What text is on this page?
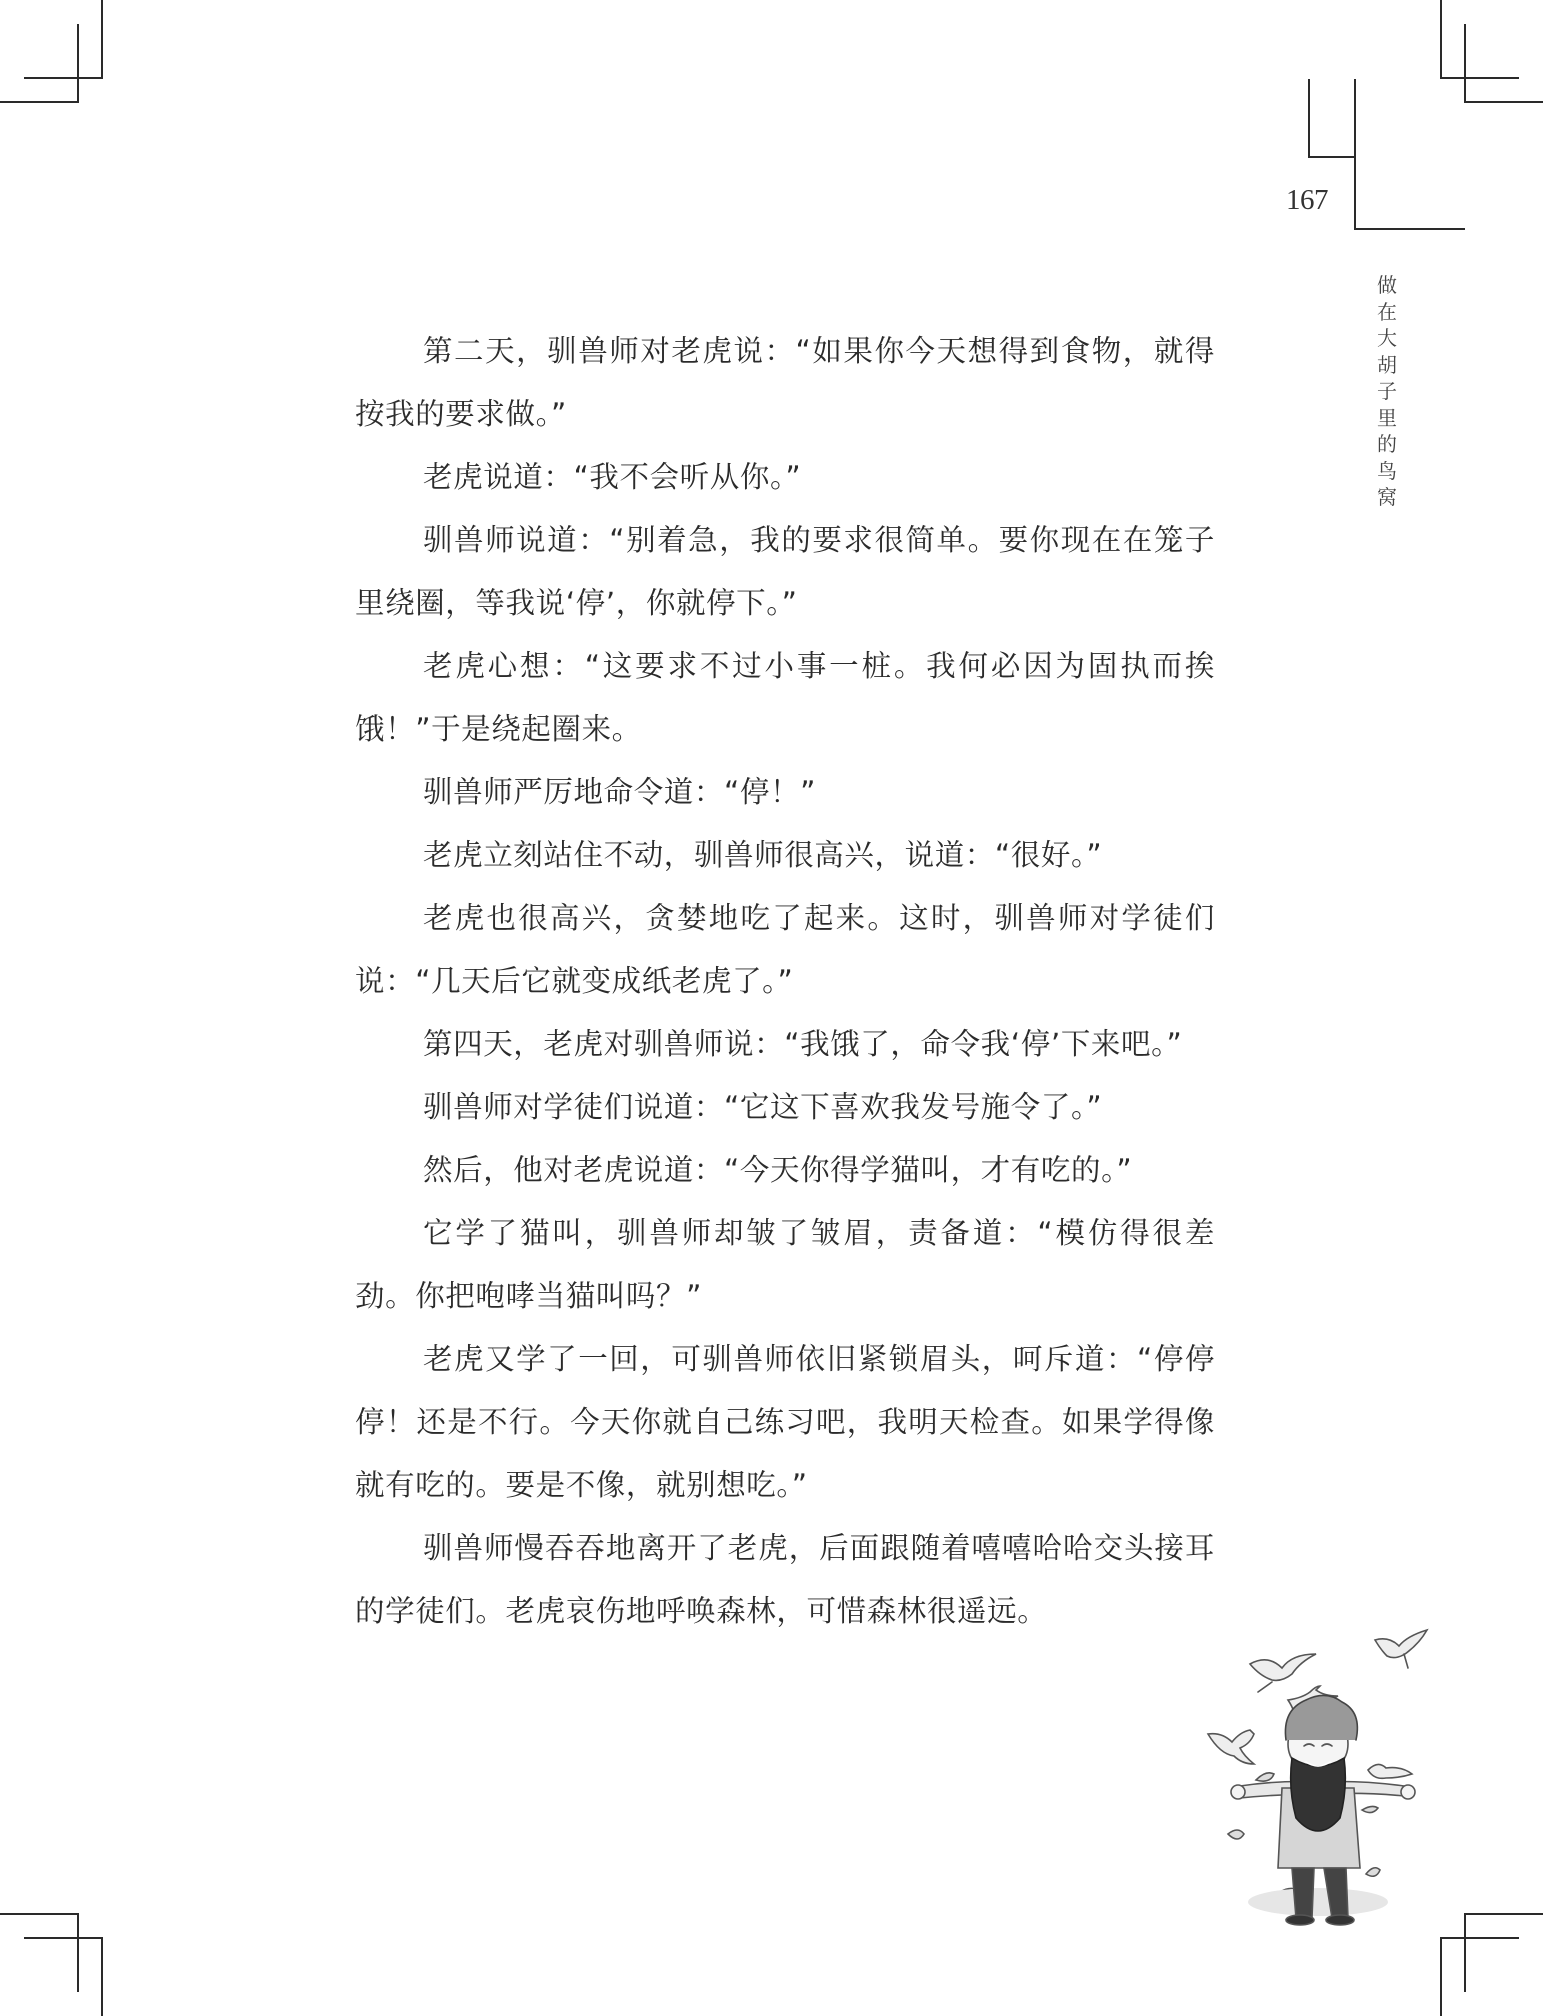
167
做
在
大
胡
子
里
的
鸟
窝

第二天，驯兽师对老虎说：“如果你今天想得到食物，就得按我的要求做。”

老虎说道：“我不会听从你。”

驯兽师说道：“别着急，我的要求很简单。要你现在在笼子里绕圈，等我说‘停’，你就停下。”

老虎心想：“这要求不过小事一桩。我何必因为固执而挨饿！”于是绕起圈来。

驯兽师严厉地命令道：“停！”

老虎立刻站住不动，驯兽师很高兴，说道：“很好。”

老虎也很高兴，贪婪地吃了起来。这时，驯兽师对学徒们说：“几天后它就变成纸老虎了。”

第四天，老虎对驯兽师说：“我饿了，命令我‘停’下来吧。”

驯兽师对学徒们说道：“它这下喜欢我发号施令了。”

然后，他对老虎说道：“今天你得学猫叫，才有吃的。”

它学了猫叫，驯兽师却皱了皱眉，责备道：“模仿得很差劲。你把咆哮当猫叫吗？”

老虎又学了一回，可驯兽师依旧紧锁眉头，呵斥道：“停停停！还是不行。今天你就自己练习吧，我明天检查。如果学得像就有吃的。要是不像，就别想吃。”

驯兽师慢吞吞地离开了老虎，后面跟随着嘻嘻哈哈交头接耳的学徒们。老虎哀伤地呼唤森林，可惜森林很遥远。
